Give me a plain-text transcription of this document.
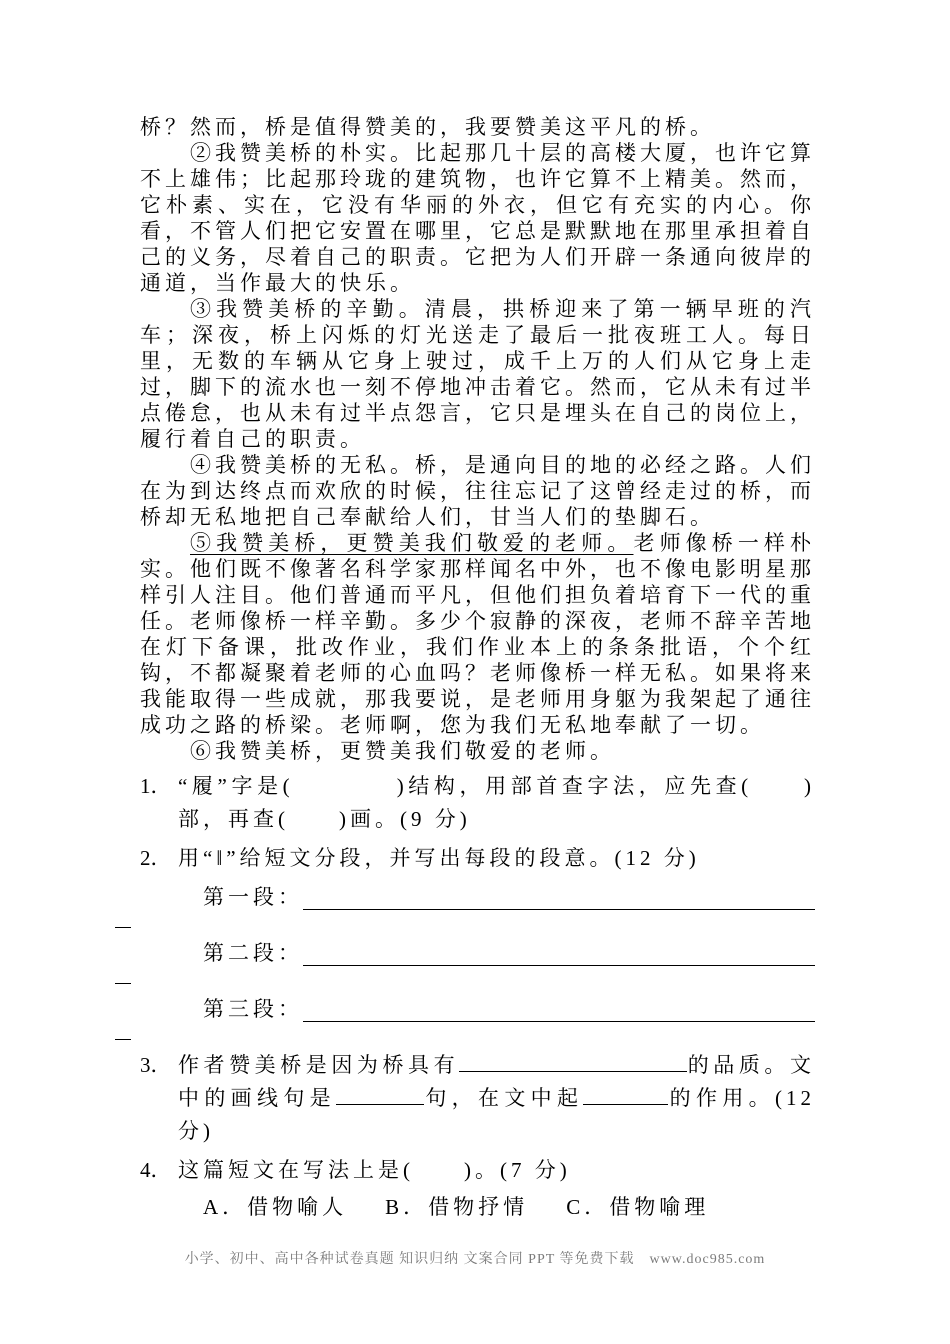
桥？然而，桥是值得赞美的，我要赞美这平凡的桥。

②我赞美桥的朴实。比起那几十层的高楼大厦，也许它算不上雄伟；比起那玲珑的建筑物，也许它算不上精美。然而，它朴素、实在，它没有华丽的外衣，但它有充实的内心。你看，不管人们把它安置在哪里，它总是默默地在那里承担着自己的义务，尽着自己的职责。它把为人们开辟一条通向彼岸的通道，当作最大的快乐。

③我赞美桥的辛勤。清晨，拱桥迎来了第一辆早班的汽车；深夜，桥上闪烁的灯光送走了最后一批夜班工人。每日里，无数的车辆从它身上驶过，成千上万的人们从它身上走过，脚下的流水也一刻不停地冲击着它。然而，它从未有过半点倦怠，也从未有过半点怨言，它只是埋头在自己的岗位上，履行着自己的职责。

④我赞美桥的无私。桥，是通向目的地的必经之路。人们在为到达终点而欢欣的时候，往往忘记了这曾经走过的桥，而桥却无私地把自己奉献给人们，甘当人们的垫脚石。

⑤我赞美桥，更赞美我们敬爱的老师。老师像桥一样朴实。他们既不像著名科学家那样闻名中外，也不像电影明星那样引人注目。他们普通而平凡，但他们担负着培育下一代的重任。老师像桥一样辛勤。多少个寂静的深夜，老师不辞辛苦地在灯下备课，批改作业，我们作业本上的条条批语，个个红钩，不都凝聚着老师的心血吗？老师像桥一样无私。如果将来我能取得一些成就，那我要说，是老师用身躯为我架起了通往成功之路的桥梁。老师啊，您为我们无私地奉献了一切。

⑥我赞美桥，更赞美我们敬爱的老师。

1． “履”字是(　　　　)结构，用部首查字法，应先查(　　)部，再查(　　)画。(9 分)
2． 用“‖”给短文分段，并写出每段的段意。(12 分)
第一段：
第二段：
第三段：
3． 作者赞美桥是因为桥具有	的品质。文中的画线句是	句，在文中起	的作用。(12 分)
4． 这篇短文在写法上是(　　)。(7 分)
A．借物喻人 B．借物抒情 C．借物喻理
小学、初中、高中各种试卷真题 知识归纳 文案合同 PPT 等免费下载　www.doc985.com
